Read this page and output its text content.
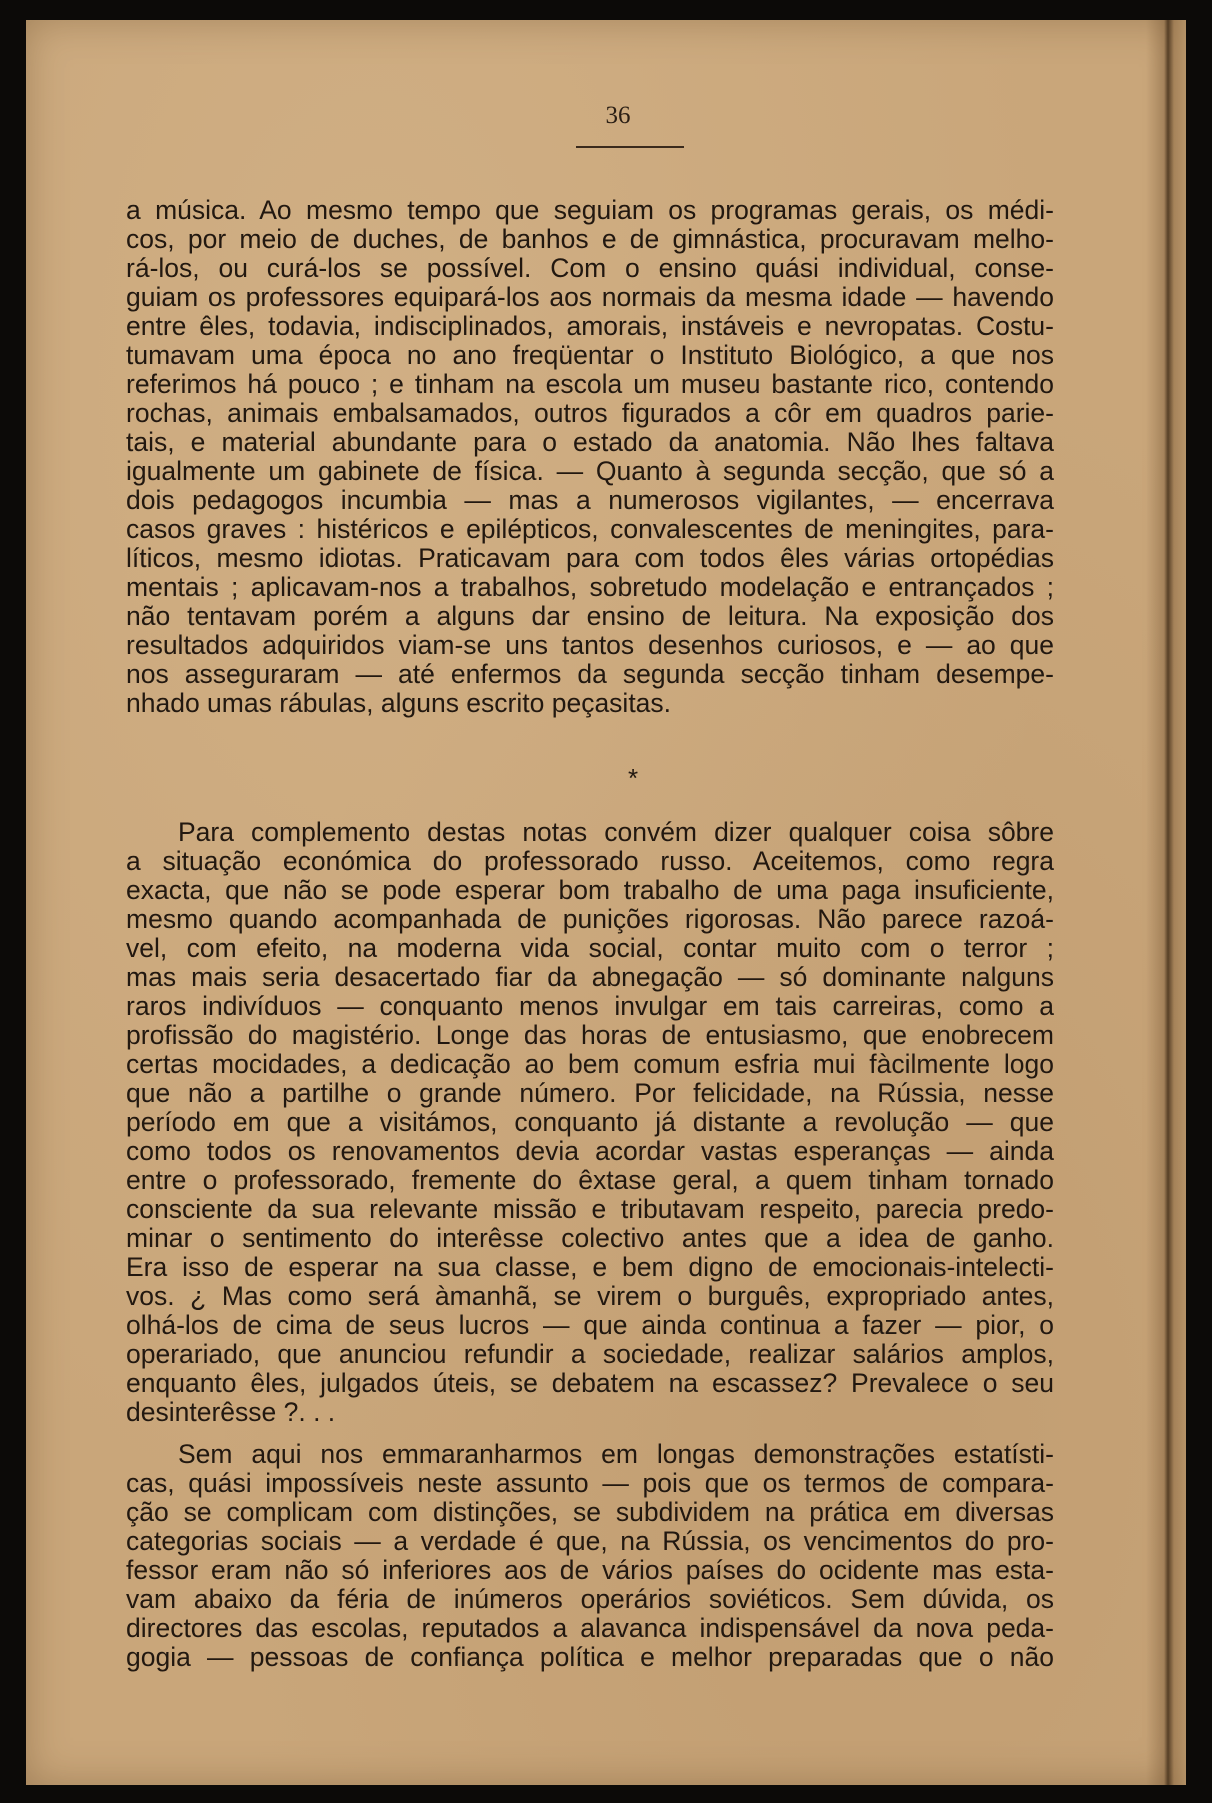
36
a música. Ao mesmo tempo que seguiam os programas gerais, os médi-
cos, por meio de duches, de banhos e de gimnástica, procuravam melho-
rá-los, ou curá-los se possível. Com o ensino quási individual, conse-
guiam os professores equipará-los aos normais da mesma idade — havendo
entre êles, todavia, indisciplinados, amorais, instáveis e nevropatas. Costu-
tumavam uma época no ano freqüentar o Instituto Biológico, a que nos
referimos há pouco ; e tinham na escola um museu bastante rico, contendo
rochas, animais embalsamados, outros figurados a côr em quadros parie-
tais, e material abundante para o estado da anatomia. Não lhes faltava
igualmente um gabinete de física. — Quanto à segunda secção, que só a
dois pedagogos incumbia — mas a numerosos vigilantes, — encerrava
casos graves : histéricos e epilépticos, convalescentes de meningites, para-
líticos, mesmo idiotas. Praticavam para com todos êles várias ortopédias
mentais ; aplicavam-nos a trabalhos, sobretudo modelação e entrançados ;
não tentavam porém a alguns dar ensino de leitura. Na exposição dos
resultados adquiridos viam-se uns tantos desenhos curiosos, e — ao que
nos asseguraram — até enfermos da segunda secção tinham desempe-
nhado umas rábulas, alguns escrito peçasitas.
*
Para complemento destas notas convém dizer qualquer coisa sôbre
a situação económica do professorado russo. Aceitemos, como regra
exacta, que não se pode esperar bom trabalho de uma paga insuficiente,
mesmo quando acompanhada de punições rigorosas. Não parece razoá-
vel, com efeito, na moderna vida social, contar muito com o terror ;
mas mais seria desacertado fiar da abnegação — só dominante nalguns
raros indivíduos — conquanto menos invulgar em tais carreiras, como a
profissão do magistério. Longe das horas de entusiasmo, que enobrecem
certas mocidades, a dedicação ao bem comum esfria mui fàcilmente logo
que não a partilhe o grande número. Por felicidade, na Rússia, nesse
período em que a visitámos, conquanto já distante a revolução — que
como todos os renovamentos devia acordar vastas esperanças — ainda
entre o professorado, fremente do êxtase geral, a quem tinham tornado
consciente da sua relevante missão e tributavam respeito, parecia predo-
minar o sentimento do interêsse colectivo antes que a idea de ganho.
Era isso de esperar na sua classe, e bem digno de emocionais-intelecti-
vos. ¿ Mas como será àmanhã, se virem o burguês, expropriado antes,
olhá-los de cima de seus lucros — que ainda continua a fazer — pior, o
operariado, que anunciou refundir a sociedade, realizar salários amplos,
enquanto êles, julgados úteis, se debatem na escassez? Prevalece o seu
desinterêsse ?. . .
Sem aqui nos emmaranharmos em longas demonstrações estatísti-
cas, quási impossíveis neste assunto — pois que os termos de compara-
ção se complicam com distinções, se subdividem na prática em diversas
categorias sociais — a verdade é que, na Rússia, os vencimentos do pro-
fessor eram não só inferiores aos de vários países do ocidente mas esta-
vam abaixo da féria de inúmeros operários soviéticos. Sem dúvida, os
directores das escolas, reputados a alavanca indispensável da nova peda-
gogia — pessoas de confiança política e melhor preparadas que o não
